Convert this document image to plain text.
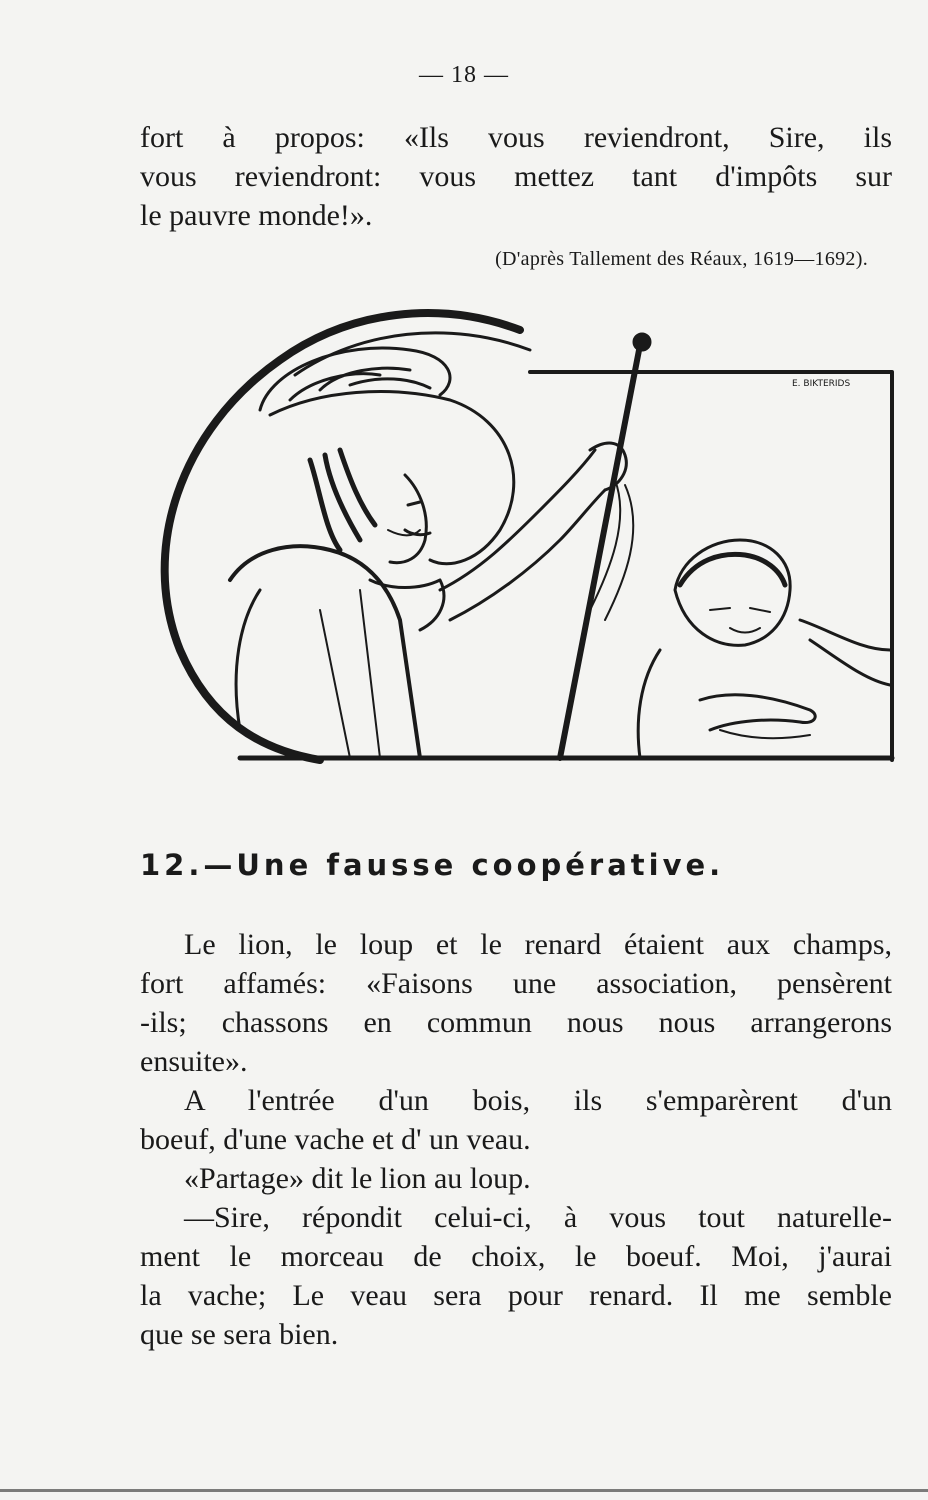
— 18 —
fort à propos: «Ils vous reviendront, Sire, ils
vous reviendront: vous mettez tant d'impôts sur
le pauvre monde!».
(D'après Tallement des Réaux, 1619—1692).
E. BIKTERIDS
12.—Une fausse coopérative.
Le lion, le loup et le renard étaient aux champs,
fort affamés: «Faisons une association, pensèrent
-ils; chassons en commun nous nous arrangerons
ensuite».
A l'entrée d'un bois, ils s'emparèrent d'un
boeuf, d'une vache et d' un veau.
«Partage» dit le lion au loup.
—Sire, répondit celui-ci, à vous tout naturelle-
ment le morceau de choix, le boeuf. Moi, j'aurai
la vache; Le veau sera pour renard. Il me semble
que se sera bien.
